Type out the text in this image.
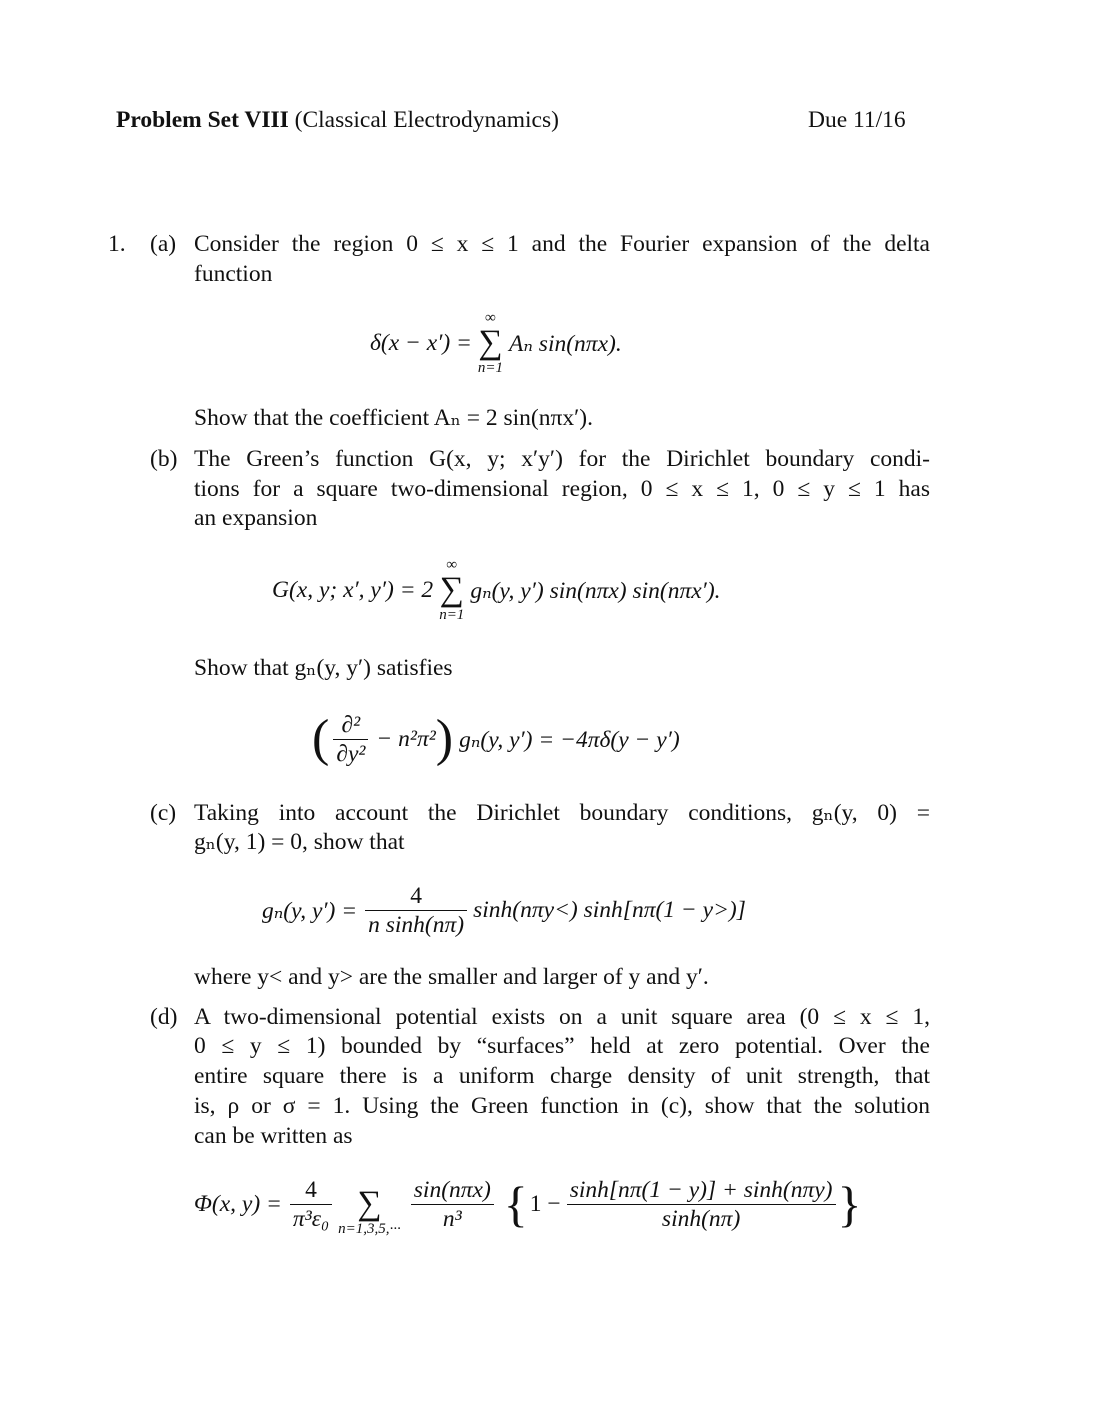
Problem Set VIII (Classical Electrodynamics)	Due 11/16
1. (a) Consider the region 0 ≤ x ≤ 1 and the Fourier expansion of the delta
function
δ(x − x′) =
∞
∑
n=1
Aₙ sin(nπx).
Show that the coefficient Aₙ = 2 sin(nπx′).
(b) The Green’s function G(x, y; x′y′) for the Dirichlet boundary condi-
tions for a square two-dimensional region, 0 ≤ x ≤ 1, 0 ≤ y ≤ 1 has
an expansion
G(x, y; x′, y′) = 2
∞
∑
n=1
gₙ(y, y′) sin(nπx) sin(nπx′).
Show that gₙ(y, y′) satisfies
( $\frac{\text{∂²}}{\text{∂y²}} - n^2\pi^2$ ) gₙ(y, y′) = −4πδ(y − y′)
(c) Taking into account the Dirichlet boundary conditions, gₙ(y, 0) =
gₙ(y, 1) = 0, show that
gₙ(y, $y') = \frac{4}{\text{n sinh(nπ)}} \sinh(n\pi y<) \sinh[n\pi(1 - y>)]$
where y< and y> are the smaller and larger of y and y′.
(d) A two-dimensional potential exists on a unit square area (0 ≤ x ≤ 1,
0 ≤ y ≤ 1) bounded by “surfaces” held at zero potential. Over the
entire square there is a uniform charge density of unit strength, that
is, ρ or σ = 1. Using the Green function in (c), show that the solution
can be written as
Φ(x, $y) = \frac{4}{\text{π³ε₀}}$ ∑
$n=1,3,5,\cdot\cdot\cdot \frac{\text{sin(nπx)}}{\text{n³}}$ { $1 - \frac{\text{sinh[nπ(1 − y)] + sinh(nπy)}}{\sinh(n\pi)}$ }
